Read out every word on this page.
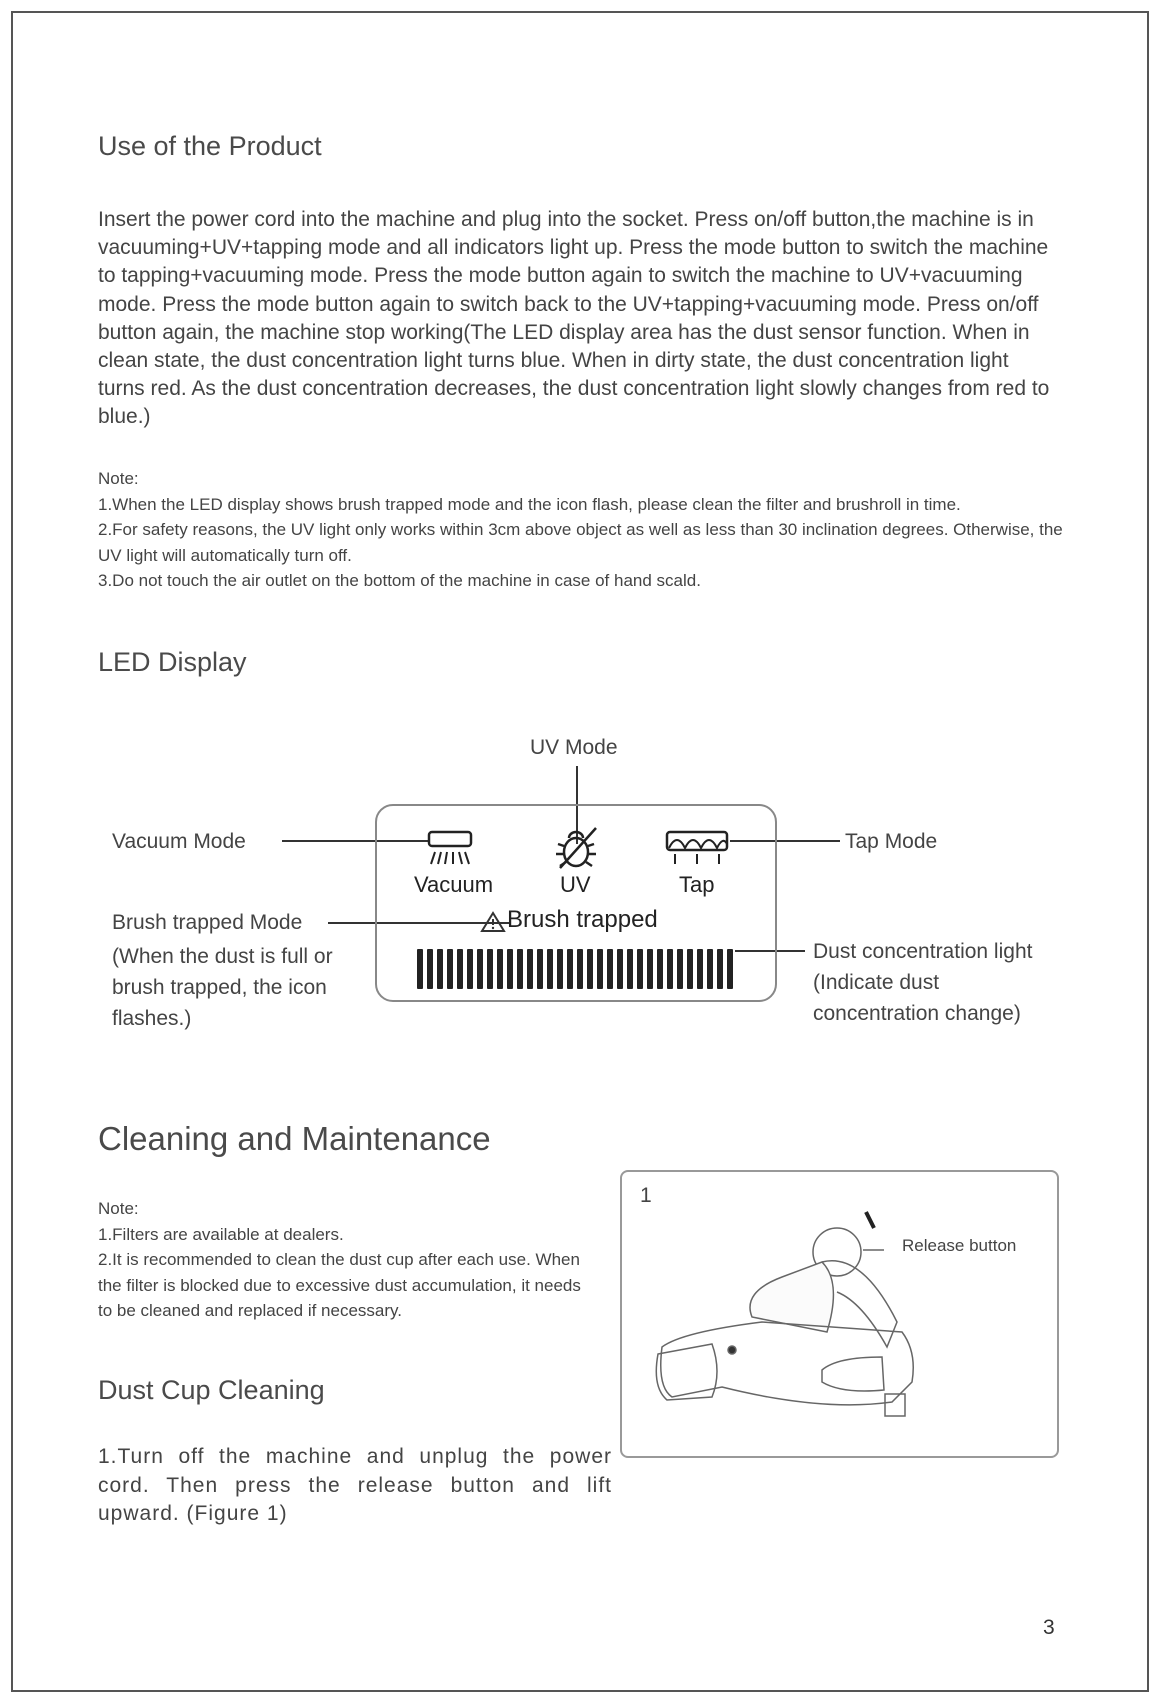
Use of the Product
Insert the power cord into the machine and plug into the socket. Press on/off button,the machine is in vacuuming+UV+tapping mode and all indicators light up. Press the mode button to switch the machine to tapping+vacuuming mode. Press the mode button again to switch the machine to UV+vacuuming mode. Press the mode button again to switch back to the UV+tapping+vacuuming mode. Press on/off button again, the machine stop working(The LED display area has the dust sensor function. When in clean state, the dust concentration light turns blue. When in dirty state, the dust concentration light turns red. As the dust concentration decreases, the dust concentration light slowly changes from red to blue.)
Note:
1.When the LED display shows brush trapped mode and the icon flash, please clean the filter and brushroll in time.
2.For safety reasons, the UV light only works within 3cm above object as well as less than 30 inclination degrees. Otherwise, the UV light will automatically turn off.
3.Do not touch the air outlet on the bottom of the machine in case of hand scald.
LED Display
UV Mode
Vacuum Mode	Tap Mode
Brush trapped Mode
(When the dust is full or brush trapped, the icon flashes.)
Dust concentration light
(Indicate dust concentration change)
Vacuum	UV	Tap
Brush trapped
Cleaning and Maintenance
Note:
1.Filters are available at dealers.
2.It is recommended to clean the dust cup after each use. When the filter is blocked due to excessive dust accumulation, it needs to be cleaned and replaced if necessary.
Dust Cup Cleaning
1.Turn off the machine and unplug the power cord. Then press the release button and lift upward. (Figure 1)
1
Release button
3
